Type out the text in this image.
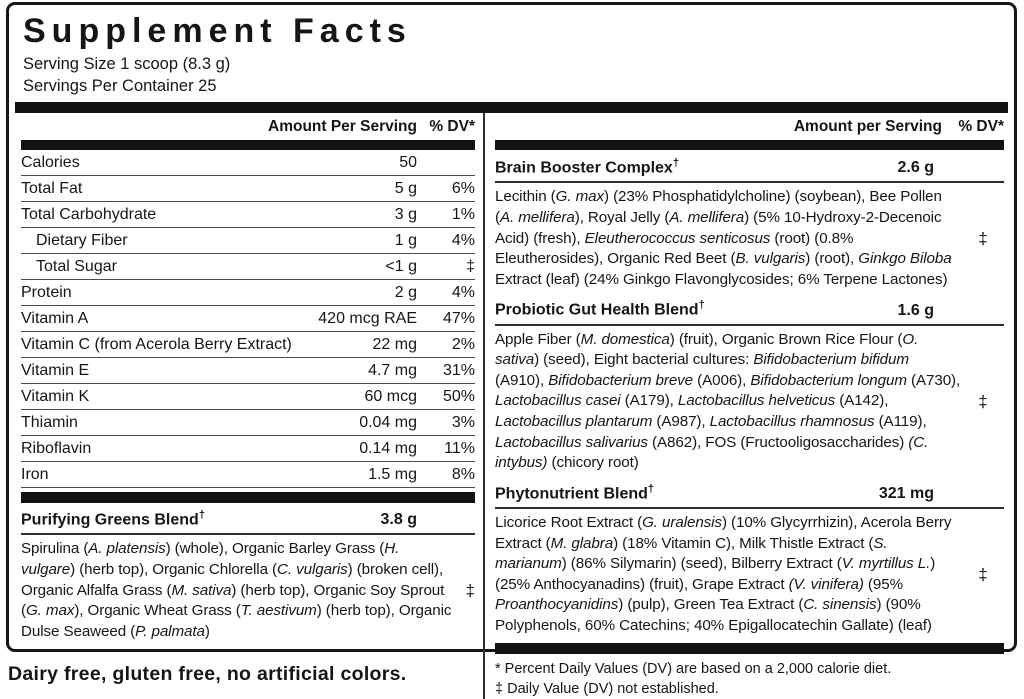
Supplement Facts
Serving Size 1 scoop (8.3 g)
Servings Per Container 25
Amount Per Serving % DV*
Calories	50
Total Fat	5 g	6%
Total Carbohydrate	3 g	1%
Dietary Fiber	1 g	4%
Total Sugar	<1 g	‡
Protein	2 g	4%
Vitamin A	420 mcg RAE	47%
Vitamin C (from Acerola Berry Extract)	22 mg	2%
Vitamin E	4.7 mg	31%
Vitamin K	60 mcg	50%
Thiamin	0.04 mg	3%
Riboflavin	0.14 mg	11%
Iron	1.5 mg	8%
Purifying Greens Blend†	3.8 g
Spirulina (A. platensis) (whole), Organic Barley Grass (H. vulgare) (herb top), Organic Chlorella (C. vulgaris) (broken cell), Organic Alfalfa Grass (M. sativa) (herb top), Organic Soy Sprout (G. max), Organic Wheat Grass (T. aestivum) (herb top), Organic Dulse Seaweed (P. palmata)
‡
Amount per Serving	% DV*
Brain Booster Complex†	2.6 g
Lecithin (G. max) (23% Phosphatidylcholine) (soybean), Bee Pollen (A. mellifera), Royal Jelly (A. mellifera) (5% 10-Hydroxy-2-Decenoic Acid) (fresh), Eleutherococcus senticosus (root) (0.8% Eleutherosides), Organic Red Beet (B. vulgaris) (root), Ginkgo Biloba Extract (leaf) (24% Ginkgo Flavonglycosides; 6% Terpene Lactones)
‡
Probiotic Gut Health Blend†	1.6 g
Apple Fiber (M. domestica) (fruit), Organic Brown Rice Flour (O. sativa) (seed), Eight bacterial cultures: Bifidobacterium bifidum (A910), Bifidobacterium breve (A006), Bifidobacterium longum (A730), Lactobacillus casei (A179), Lactobacillus helveticus (A142), Lactobacillus plantarum (A987), Lactobacillus rhamnosus (A119), Lactobacillus salivarius (A862), FOS (Fructooligosaccharides) (C. intybus) (chicory root)
‡
Phytonutrient Blend†	321 mg
Licorice Root Extract (G. uralensis) (10% Glycyrrhizin), Acerola Berry Extract (M. glabra) (18% Vitamin C), Milk Thistle Extract (S. marianum) (86% Silymarin) (seed), Bilberry Extract (V. myrtillus L.) (25% Anthocyanadins) (fruit), Grape Extract (V. vinifera) (95% Proanthocyanidins) (pulp), Green Tea Extract (C. sinensis) (90% Polyphenols, 60% Catechins; 40% Epigallocatechin Gallate) (leaf)
‡
* Percent Daily Values (DV) are based on a 2,000 calorie diet.
‡ Daily Value (DV) not established.
Dairy free, gluten free, no artificial colors.
